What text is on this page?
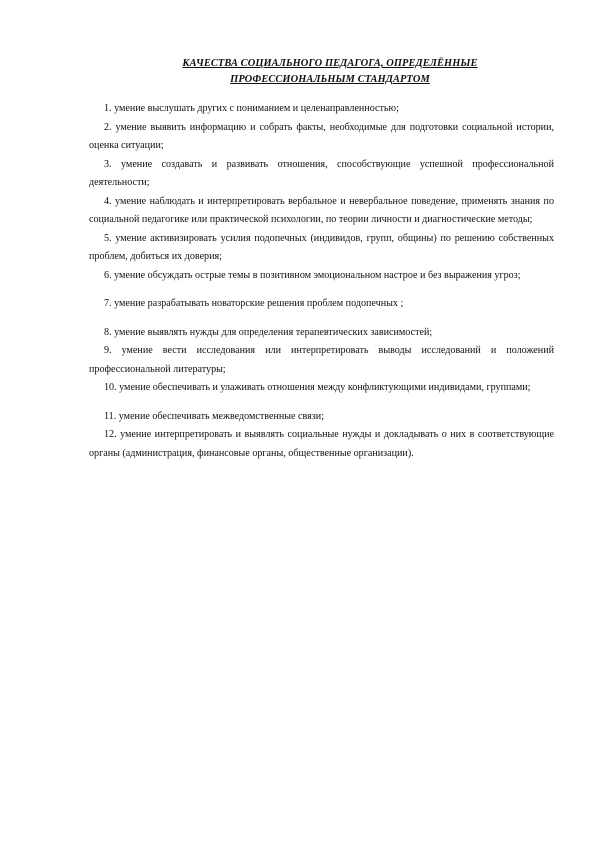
КАЧЕСТВА СОЦИАЛЬНОГО ПЕДАГОГА, ОПРЕДЕЛЁННЫЕ
ПРОФЕССИОНАЛЬНЫМ СТАНДАРТОМ

1. умение выслушать других с пониманием и целенаправленностью;

2. умение выявить информацию и собрать факты, необходимые для подготовки социальной истории, оценка ситуации;

3. умение создавать и развивать отношения, способствующие успешной профессиональной деятельности;

4. умение наблюдать и интерпретировать вербальное и невербальное поведение, применять знания по социальной педагогике или практической психологии, по теории личности и диагностические методы;

5. умение активизировать усилия подопечных (индивидов, групп, общины) по решению собственных проблем, добиться их доверия;

6. умение обсуждать острые темы в позитивном эмоциональном настрое и без выражения угроз;

7. умение разрабатывать новаторские решения проблем подопечных ;

8. умение выявлять нужды для определения терапевтических зависимостей;

9. умение вести исследования или интерпретировать выводы исследований и положений профессиональной литературы;

10. умение обеспечивать и улаживать отношения между конфликтующими индивидами, группами;

11. умение обеспечивать межведомственные связи;

12. умение интерпретировать и выявлять социальные нужды и докладывать о них в соответствующие органы (администрация, финансовые органы, общественные организации).
